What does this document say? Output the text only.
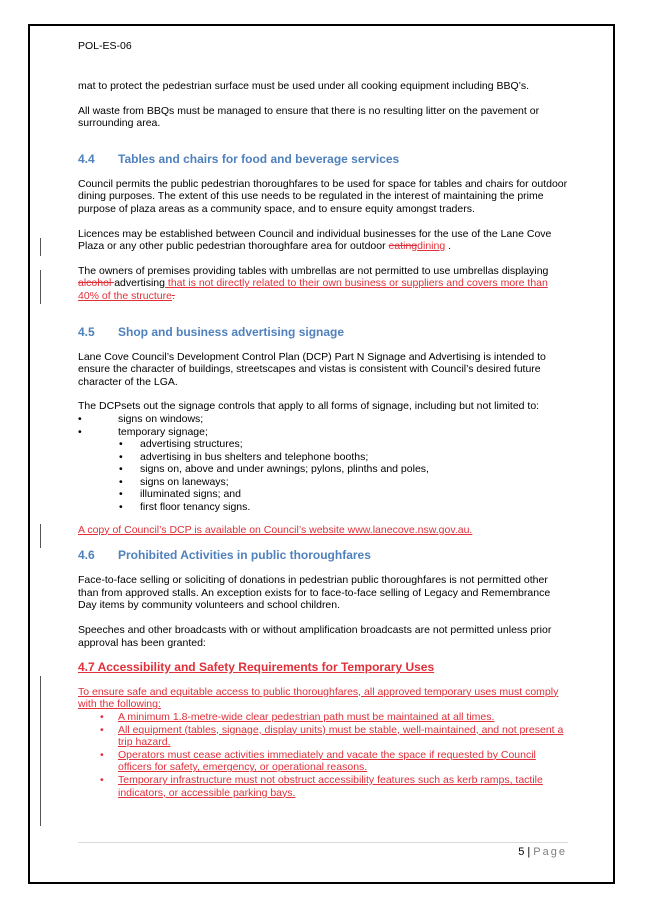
POL-ES-06

mat to protect the pedestrian surface must be used under all cooking equipment including BBQ’s.

All waste from BBQs must be managed to ensure that there is no resulting litter on the pavement or surrounding area.

4.4 Tables and chairs for food and beverage services

Council permits the public pedestrian thoroughfares to be used for space for tables and chairs for outdoor dining purposes. The extent of this use needs to be regulated in the interest of maintaining the prime purpose of plaza areas as a community space, and to ensure equity amongst traders.

Licences may be established between Council and individual businesses for the use of the Lane Cove Plaza or any other public pedestrian thoroughfare area for outdoor eatingdining .

The owners of premises providing tables with umbrellas are not permitted to use umbrellas displaying alcohol advertising that is not directly related to their own business or suppliers and covers more than 40% of the structure.

4.5 Shop and business advertising signage

Lane Cove Council’s Development Control Plan (DCP) Part N Signage and Advertising is intended to ensure the character of buildings, streetscapes and vistas is consistent with Council’s desired future character of the LGA.

The DCPsets out the signage controls that apply to all forms of signage, including but not limited to:

• signs on windows;
• temporary signage;
• advertising structures;
• advertising in bus shelters and telephone booths;
• signs on, above and under awnings; pylons, plinths and poles,
• signs on laneways;
• illuminated signs; and
• first floor tenancy signs.

A copy of Council’s DCP is available on Council’s website www.lanecove.nsw.gov.au.

4.6 Prohibited Activities in public thoroughfares

Face-to-face selling or soliciting of donations in pedestrian public thoroughfares is not permitted other than from approved stalls. An exception exists for to face-to-face selling of Legacy and Remembrance Day items by community volunteers and school children.

Speeches and other broadcasts with or without amplification broadcasts are not permitted unless prior approval has been granted:

4.7 Accessibility and Safety Requirements for Temporary Uses

To ensure safe and equitable access to public thoroughfares, all approved temporary uses must comply with the following:

• A minimum 1.8-metre-wide clear pedestrian path must be maintained at all times.
• All equipment (tables, signage, display units) must be stable, well-maintained, and not present a trip hazard.
• Operators must cease activities immediately and vacate the space if requested by Council officers for safety, emergency, or operational reasons.
• Temporary infrastructure must not obstruct accessibility features such as kerb ramps, tactile indicators, or accessible parking bays.
5 | Page
